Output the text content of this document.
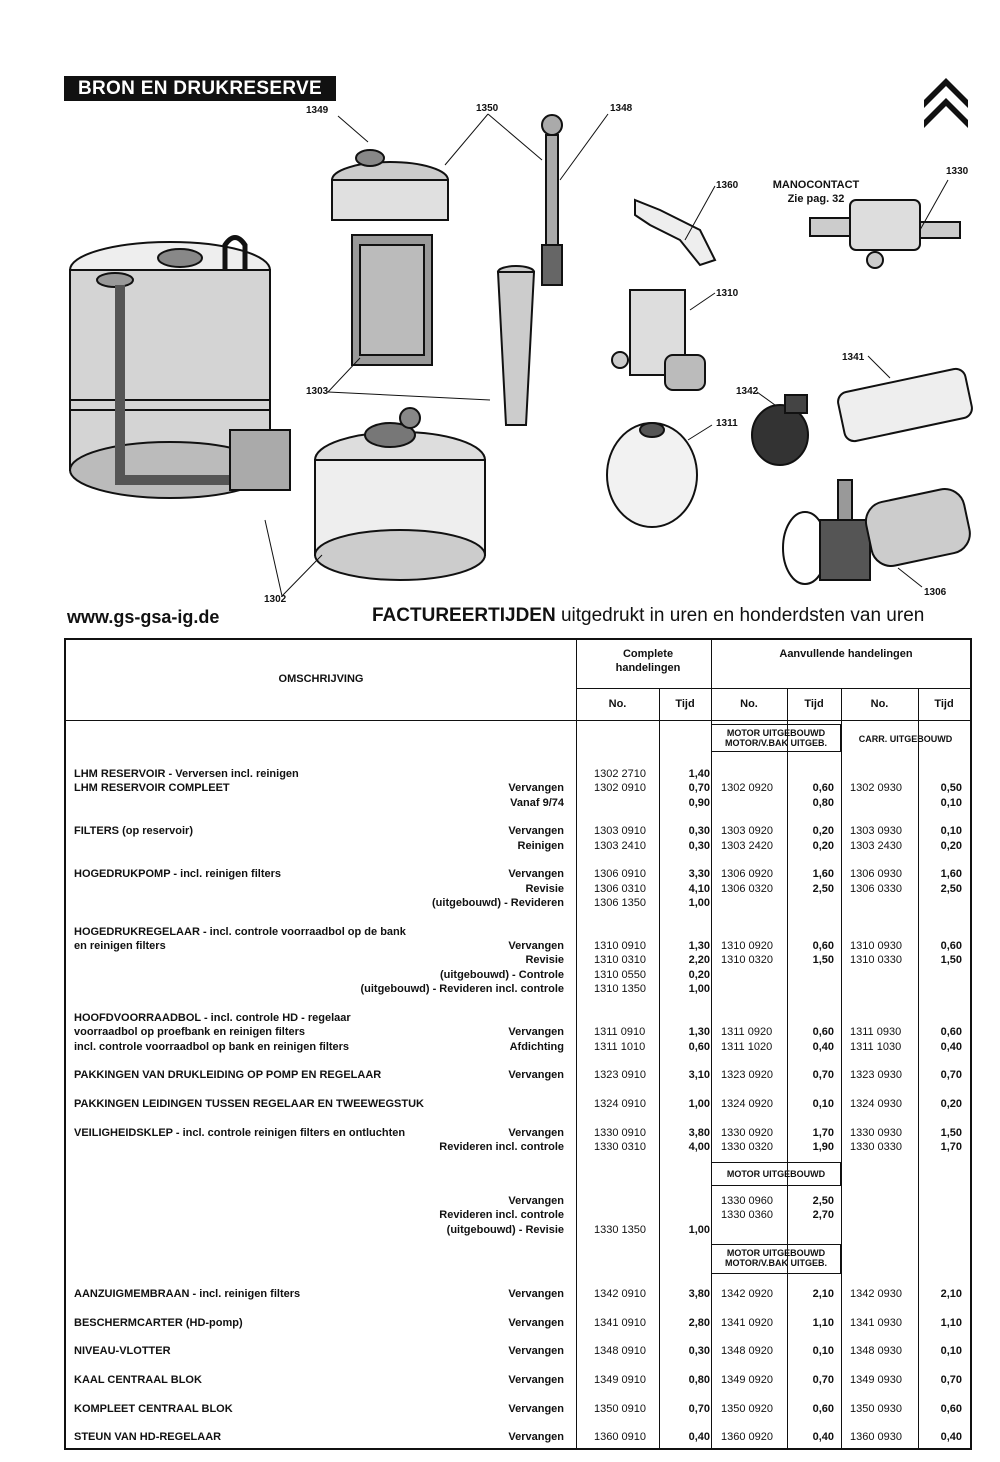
BRON EN DRUKRESERVE
1349	1350	1348
1360
1330
1310
1341
1342
1311
1303
1306
1302
MANOCONTACT
Zie pag. 32
www.gs-gsa-ig.de	FACTUREERTIJDEN uitgedrukt in uren en honderdsten van uren
OMSCHRIJVING
Complete handelingen
Aanvullende handelingen
No.	Tijd	No.	Tijd	No.	Tijd
MOTOR UITGEBOUWD MOTOR/V.BAK UITGEB.	CARR. UITGEBOUWD
MOTOR UITGEBOUWD
MOTOR UITGEBOUWD MOTOR/V.BAK UITGEB.
LHM RESERVOIR - Verversen incl. reinigen	1302 2710	1,40
LHM RESERVOIR COMPLEET	Vervangen	1302 0910	0,70 1302 0920	0,60 1302 0930	0,50
Vanaf 9/74	0,90	0,80	0,10
FILTERS (op reservoir)	Vervangen	1303 0910	0,30 1303 0920	0,20 1303 0930	0,10
Reinigen	1303 2410	0,30 1303 2420	0,20 1303 2430	0,20
HOGEDRUKPOMP - incl. reinigen filters	Vervangen	1306 0910	3,30 1306 0920	1,60 1306 0930	1,60
Revisie	1306 0310	4,10 1306 0320	2,50 1306 0330	2,50
(uitgebouwd) - Revideren	1306 1350	1,00
HOGEDRUKREGELAAR - incl. controle voorraadbol op de bank
en reinigen filters	Vervangen	1310 0910	1,30 1310 0920	0,60 1310 0930	0,60
Revisie	1310 0310	2,20 1310 0320	1,50 1310 0330	1,50
(uitgebouwd) - Controle	1310 0550	0,20
(uitgebouwd) - Revideren incl. controle	1310 1350	1,00
HOOFDVOORRAADBOL - incl. controle HD - regelaar
voorraadbol op proefbank en reinigen filters	Vervangen	1311 0910	1,30 1311 0920	0,60 1311 0930	0,60
incl. controle voorraadbol op bank en reinigen filters	Afdichting	1311 1010	0,60 1311 1020	0,40 1311 1030	0,40
PAKKINGEN VAN DRUKLEIDING OP POMP EN REGELAAR	Vervangen	1323 0910	3,10 1323 0920	0,70 1323 0930	0,70
PAKKINGEN LEIDINGEN TUSSEN REGELAAR EN TWEEWEGSTUK	1324 0910	1,00 1324 0920	0,10 1324 0930	0,20
VEILIGHEIDSKLEP - incl. controle reinigen filters en ontluchten	Vervangen	1330 0910	3,80 1330 0920	1,70 1330 0930	1,50
Revideren incl. controle	1330 0310	4,00 1330 0320	1,90 1330 0330	1,70
Vervangen	1330 0960	2,50
Revideren incl. controle	1330 0360	2,70
(uitgebouwd) - Revisie	1330 1350	1,00
AANZUIGMEMBRAAN - incl. reinigen filters	Vervangen	1342 0910	3,80 1342 0920	2,10 1342 0930	2,10
BESCHERMCARTER (HD-pomp)	Vervangen	1341 0910	2,80 1341 0920	1,10 1341 0930	1,10
NIVEAU-VLOTTER	Vervangen	1348 0910	0,30 1348 0920	0,10 1348 0930	0,10
KAAL CENTRAAL BLOK	Vervangen	1349 0910	0,80 1349 0920	0,70 1349 0930	0,70
KOMPLEET CENTRAAL BLOK	Vervangen	1350 0910	0,70 1350 0920	0,60 1350 0930	0,60
STEUN VAN HD-REGELAAR	Vervangen	1360 0910	0,40 1360 0920	0,40 1360 0930	0,40
